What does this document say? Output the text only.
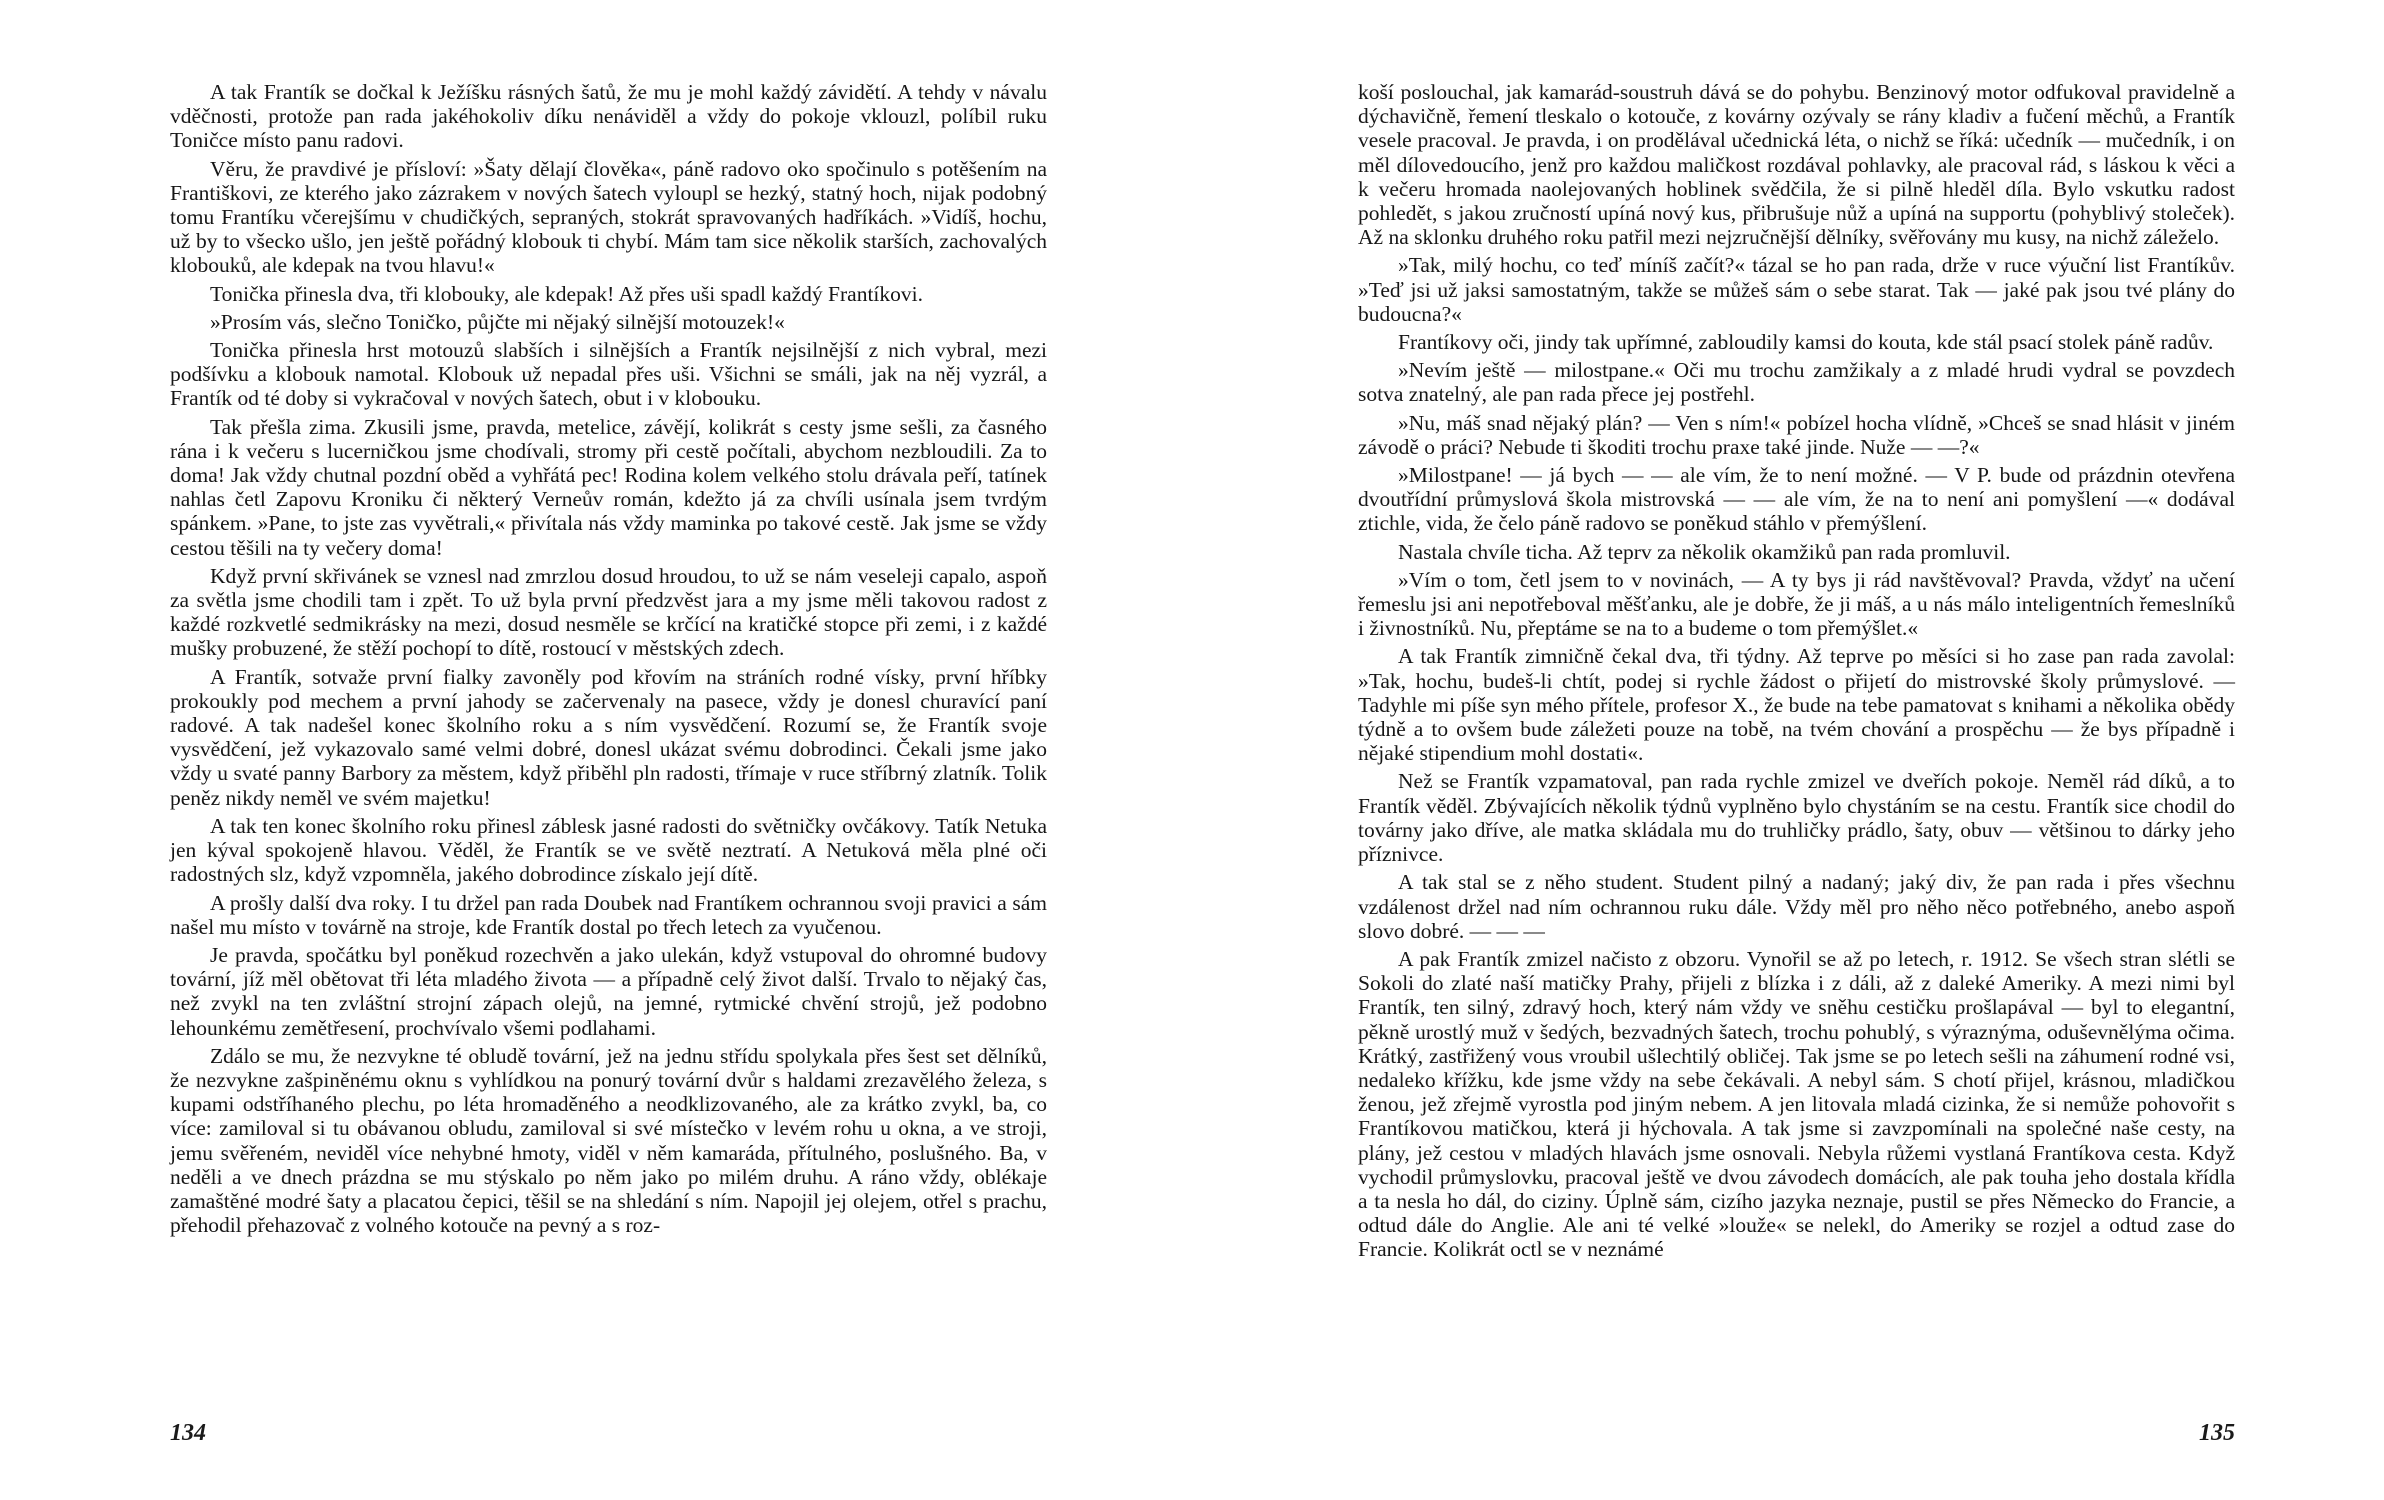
A tak Frantík se dočkal k Ježíšku rásných šatů, že mu je mohl každý závidětí. A tehdy v návalu vděčnosti, protože pan rada jakéhokoliv díku nenáviděl a vždy do pokoje vklouzl, políbil ruku Toničce místo panu radovi.

Věru, že pravdivé je přísloví: »Šaty dělají člověka«, páně radovo oko spočinulo s potěšením na Františkovi, ze kterého jako zázrakem v nových šatech vyloupl se hezký, statný hoch, nijak podobný tomu Frantíku včerejšímu v chudičkých, sepraných, stokrát spravovaných hadříkách. »Vidíš, hochu, už by to všecko ušlo, jen ještě pořádný klobouk ti chybí. Mám tam sice několik starších, zachovalých klobouků, ale kdepak na tvou hlavu!«

Tonička přinesla dva, tři klobouky, ale kdepak! Až přes uši spadl každý Frantíkovi.

»Prosím vás, slečno Toničko, půjčte mi nějaký silnější motouzek!«

Tonička přinesla hrst motouzů slabších i silnějších a Frantík nejsilnější z nich vybral, mezi podšívku a klobouk namotal. Klobouk už nepadal přes uši. Všichni se smáli, jak na něj vyzrál, a Frantík od té doby si vykračoval v nových šatech, obut i v klobouku.

Tak přešla zima. Zkusili jsme, pravda, metelice, závějí, kolikrát s cesty jsme sešli, za časného rána i k večeru s lucerničkou jsme chodívali, stromy při cestě počítali, abychom nezbloudili. Za to doma! Jak vždy chutnal pozdní oběd a vyhřátá pec! Rodina kolem velkého stolu drávala peří, tatínek nahlas četl Zapovu Kroniku či některý Verneův román, kdežto já za chvíli usínala jsem tvrdým spánkem. »Pane, to jste zas vyvětrali,« přivítala nás vždy maminka po takové cestě. Jak jsme se vždy cestou těšili na ty večery doma!

Když první skřivánek se vznesl nad zmrzlou dosud hroudou, to už se nám veseleji capalo, aspoň za světla jsme chodili tam i zpět. To už byla první předzvěst jara a my jsme měli takovou radost z každé rozkvetlé sedmikrásky na mezi, dosud nesměle se krčící na kratičké stopce při zemi, i z každé mušky probuzené, že stěží pochopí to dítě, rostoucí v městských zdech.

A Frantík, sotvaže první fialky zavoněly pod křovím na stráních rodné vísky, první hříbky prokoukly pod mechem a první jahody se začervenaly na pasece, vždy je donesl churavící paní radové. A tak nadešel konec školního roku a s ním vysvědčení. Rozumí se, že Frantík svoje vysvědčení, jež vykazovalo samé velmi dobré, donesl ukázat svému dobrodinci. Čekali jsme jako vždy u svaté panny Barbory za městem, když přiběhl pln radosti, třímaje v ruce stříbrný zlatník. Tolik peněz nikdy neměl ve svém majetku!

A tak ten konec školního roku přinesl záblesk jasné radosti do světničky ovčákovy. Tatík Netuka jen kýval spokojeně hlavou. Věděl, že Frantík se ve světě neztratí. A Netuková měla plné oči radostných slz, když vzpomněla, jakého dobrodince získalo její dítě.

A prošly další dva roky. I tu držel pan rada Doubek nad Frantíkem ochrannou svoji pravici a sám našel mu místo v továrně na stroje, kde Frantík dostal po třech letech za vyučenou.

Je pravda, spočátku byl poněkud rozechvěn a jako ulekán, když vstupoval do ohromné budovy tovární, jíž měl obětovat tři léta mladého života — a případně celý život další. Trvalo to nějaký čas, než zvykl na ten zvláštní strojní zápach olejů, na jemné, rytmické chvění strojů, jež podobno lehounkému zemětřesení, prochvívalo všemi podlahami.

Zdálo se mu, že nezvykne té obludě tovární, jež na jednu střídu spolykala přes šest set dělníků, že nezvykne zašpiněnému oknu s vyhlídkou na ponurý tovární dvůr s haldami zrezavělého železa, s kupami odstříhaného plechu, po léta hromaděného a neodklizovaného, ale za krátko zvykl, ba, co více: zamiloval si tu obávanou obludu, zamiloval si své místečko v levém rohu u okna, a ve stroji, jemu svěřeném, neviděl více nehybné hmoty, viděl v něm kamaráda, přítulného, poslušného. Ba, v neděli a ve dnech prázdna se mu stýskalo po něm jako po milém druhu. A ráno vždy, oblékaje zamaštěné modré šaty a placatou čepici, těšil se na shledání s ním. Napojil jej olejem, otřel s prachu, přehodil přehazovač z volného kotouče na pevný a s roz-

134

koší poslouchal, jak kamarád-soustruh dává se do pohybu. Benzinový motor odfukoval pravidelně a dýchavičně, řemení tleskalo o kotouče, z kovárny ozývaly se rány kladiv a fučení měchů, a Frantík vesele pracoval. Je pravda, i on prodělával učednická léta, o nichž se říká: učedník — mučedník, i on měl dílovedoucího, jenž pro každou maličkost rozdával pohlavky, ale pracoval rád, s láskou k věci a k večeru hromada naolejovaných hoblinek svědčila, že si pilně hleděl díla. Bylo vskutku radost pohledět, s jakou zručností upíná nový kus, přibrušuje nůž a upíná na supportu (pohyblivý stoleček). Až na sklonku druhého roku patřil mezi nejzručnější dělníky, svěřovány mu kusy, na nichž záleželo.

»Tak, milý hochu, co teď míníš začít?« tázal se ho pan rada, drže v ruce výuční list Frantíkův. »Teď jsi už jaksi samostatným, takže se můžeš sám o sebe starat. Tak — jaké pak jsou tvé plány do budoucna?«

Frantíkovy oči, jindy tak upřímné, zabloudily kamsi do kouta, kde stál psací stolek páně radův.

»Nevím ještě — milostpane.« Oči mu trochu zamžikaly a z mladé hrudi vydral se povzdech sotva znatelný, ale pan rada přece jej postřehl.

»Nu, máš snad nějaký plán? — Ven s ním!« pobízel hocha vlídně, »Chceš se snad hlásit v jiném závodě o práci? Nebude ti škoditi trochu praxe také jinde. Nuže — —?«

»Milostpane! — já bych — — ale vím, že to není možné. — V P. bude od prázdnin otevřena dvoutřídní průmyslová škola mistrovská — — ale vím, že na to není ani pomyšlení —« dodával ztichle, vida, že čelo páně radovo se poněkud stáhlo v přemýšlení.

Nastala chvíle ticha. Až teprv za několik okamžiků pan rada promluvil.

»Vím o tom, četl jsem to v novinách, — A ty bys ji rád navštěvoval? Pravda, vždyť na učení řemeslu jsi ani nepotřeboval měšťanku, ale je dobře, že ji máš, a u nás málo inteligentních řemeslníků i živnostníků. Nu, přeptáme se na to a budeme o tom přemýšlet.«

A tak Frantík zimničně čekal dva, tři týdny. Až teprve po měsíci si ho zase pan rada zavolal: »Tak, hochu, budeš-li chtít, podej si rychle žádost o přijetí do mistrovské školy průmyslové. — Tadyhle mi píše syn mého přítele, profesor X., že bude na tebe pamatovat s knihami a několika obědy týdně a to ovšem bude záležeti pouze na tobě, na tvém chování a prospěchu — že bys případně i nějaké stipendium mohl dostati«.

Než se Frantík vzpamatoval, pan rada rychle zmizel ve dveřích pokoje. Neměl rád díků, a to Frantík věděl. Zbývajících několik týdnů vyplněno bylo chystáním se na cestu. Frantík sice chodil do továrny jako dříve, ale matka skládala mu do truhličky prádlo, šaty, obuv — většinou to dárky jeho příznivce.

A tak stal se z něho student. Student pilný a nadaný; jaký div, že pan rada i přes všechnu vzdálenost držel nad ním ochrannou ruku dále. Vždy měl pro něho něco potřebného, anebo aspoň slovo dobré. — — —

A pak Frantík zmizel načisto z obzoru. Vynořil se až po letech, r. 1912. Se všech stran slétli se Sokoli do zlaté naší matičky Prahy, přijeli z blízka i z dáli, až z daleké Ameriky. A mezi nimi byl Frantík, ten silný, zdravý hoch, který nám vždy ve sněhu cestičku prošlapával — byl to elegantní, pěkně urostlý muž v šedých, bezvadných šatech, trochu pohublý, s výraznýma, oduševnělýma očima. Krátký, zastřižený vous vroubil ušlechtilý obličej. Tak jsme se po letech sešli na záhumení rodné vsi, nedaleko křížku, kde jsme vždy na sebe čekávali. A nebyl sám. S chotí přijel, krásnou, mladičkou ženou, jež zřejmě vyrostla pod jiným nebem. A jen litovala mladá cizinka, že si nemůže pohovořit s Frantíkovou matičkou, která ji hýchovala. A tak jsme si zavzpomínali na společné naše cesty, na plány, jež cestou v mladých hlavách jsme osnovali. Nebyla růžemi vystlaná Frantíkova cesta. Když vychodil průmyslovku, pracoval ještě ve dvou závodech domácích, ale pak touha jeho dostala křídla a ta nesla ho dál, do ciziny. Úplně sám, cizího jazyka neznaje, pustil se přes Německo do Francie, a odtud dále do Anglie. Ale ani té velké »louže« se nelekl, do Ameriky se rozjel a odtud zase do Francie. Kolikrát octl se v neznámé

135
